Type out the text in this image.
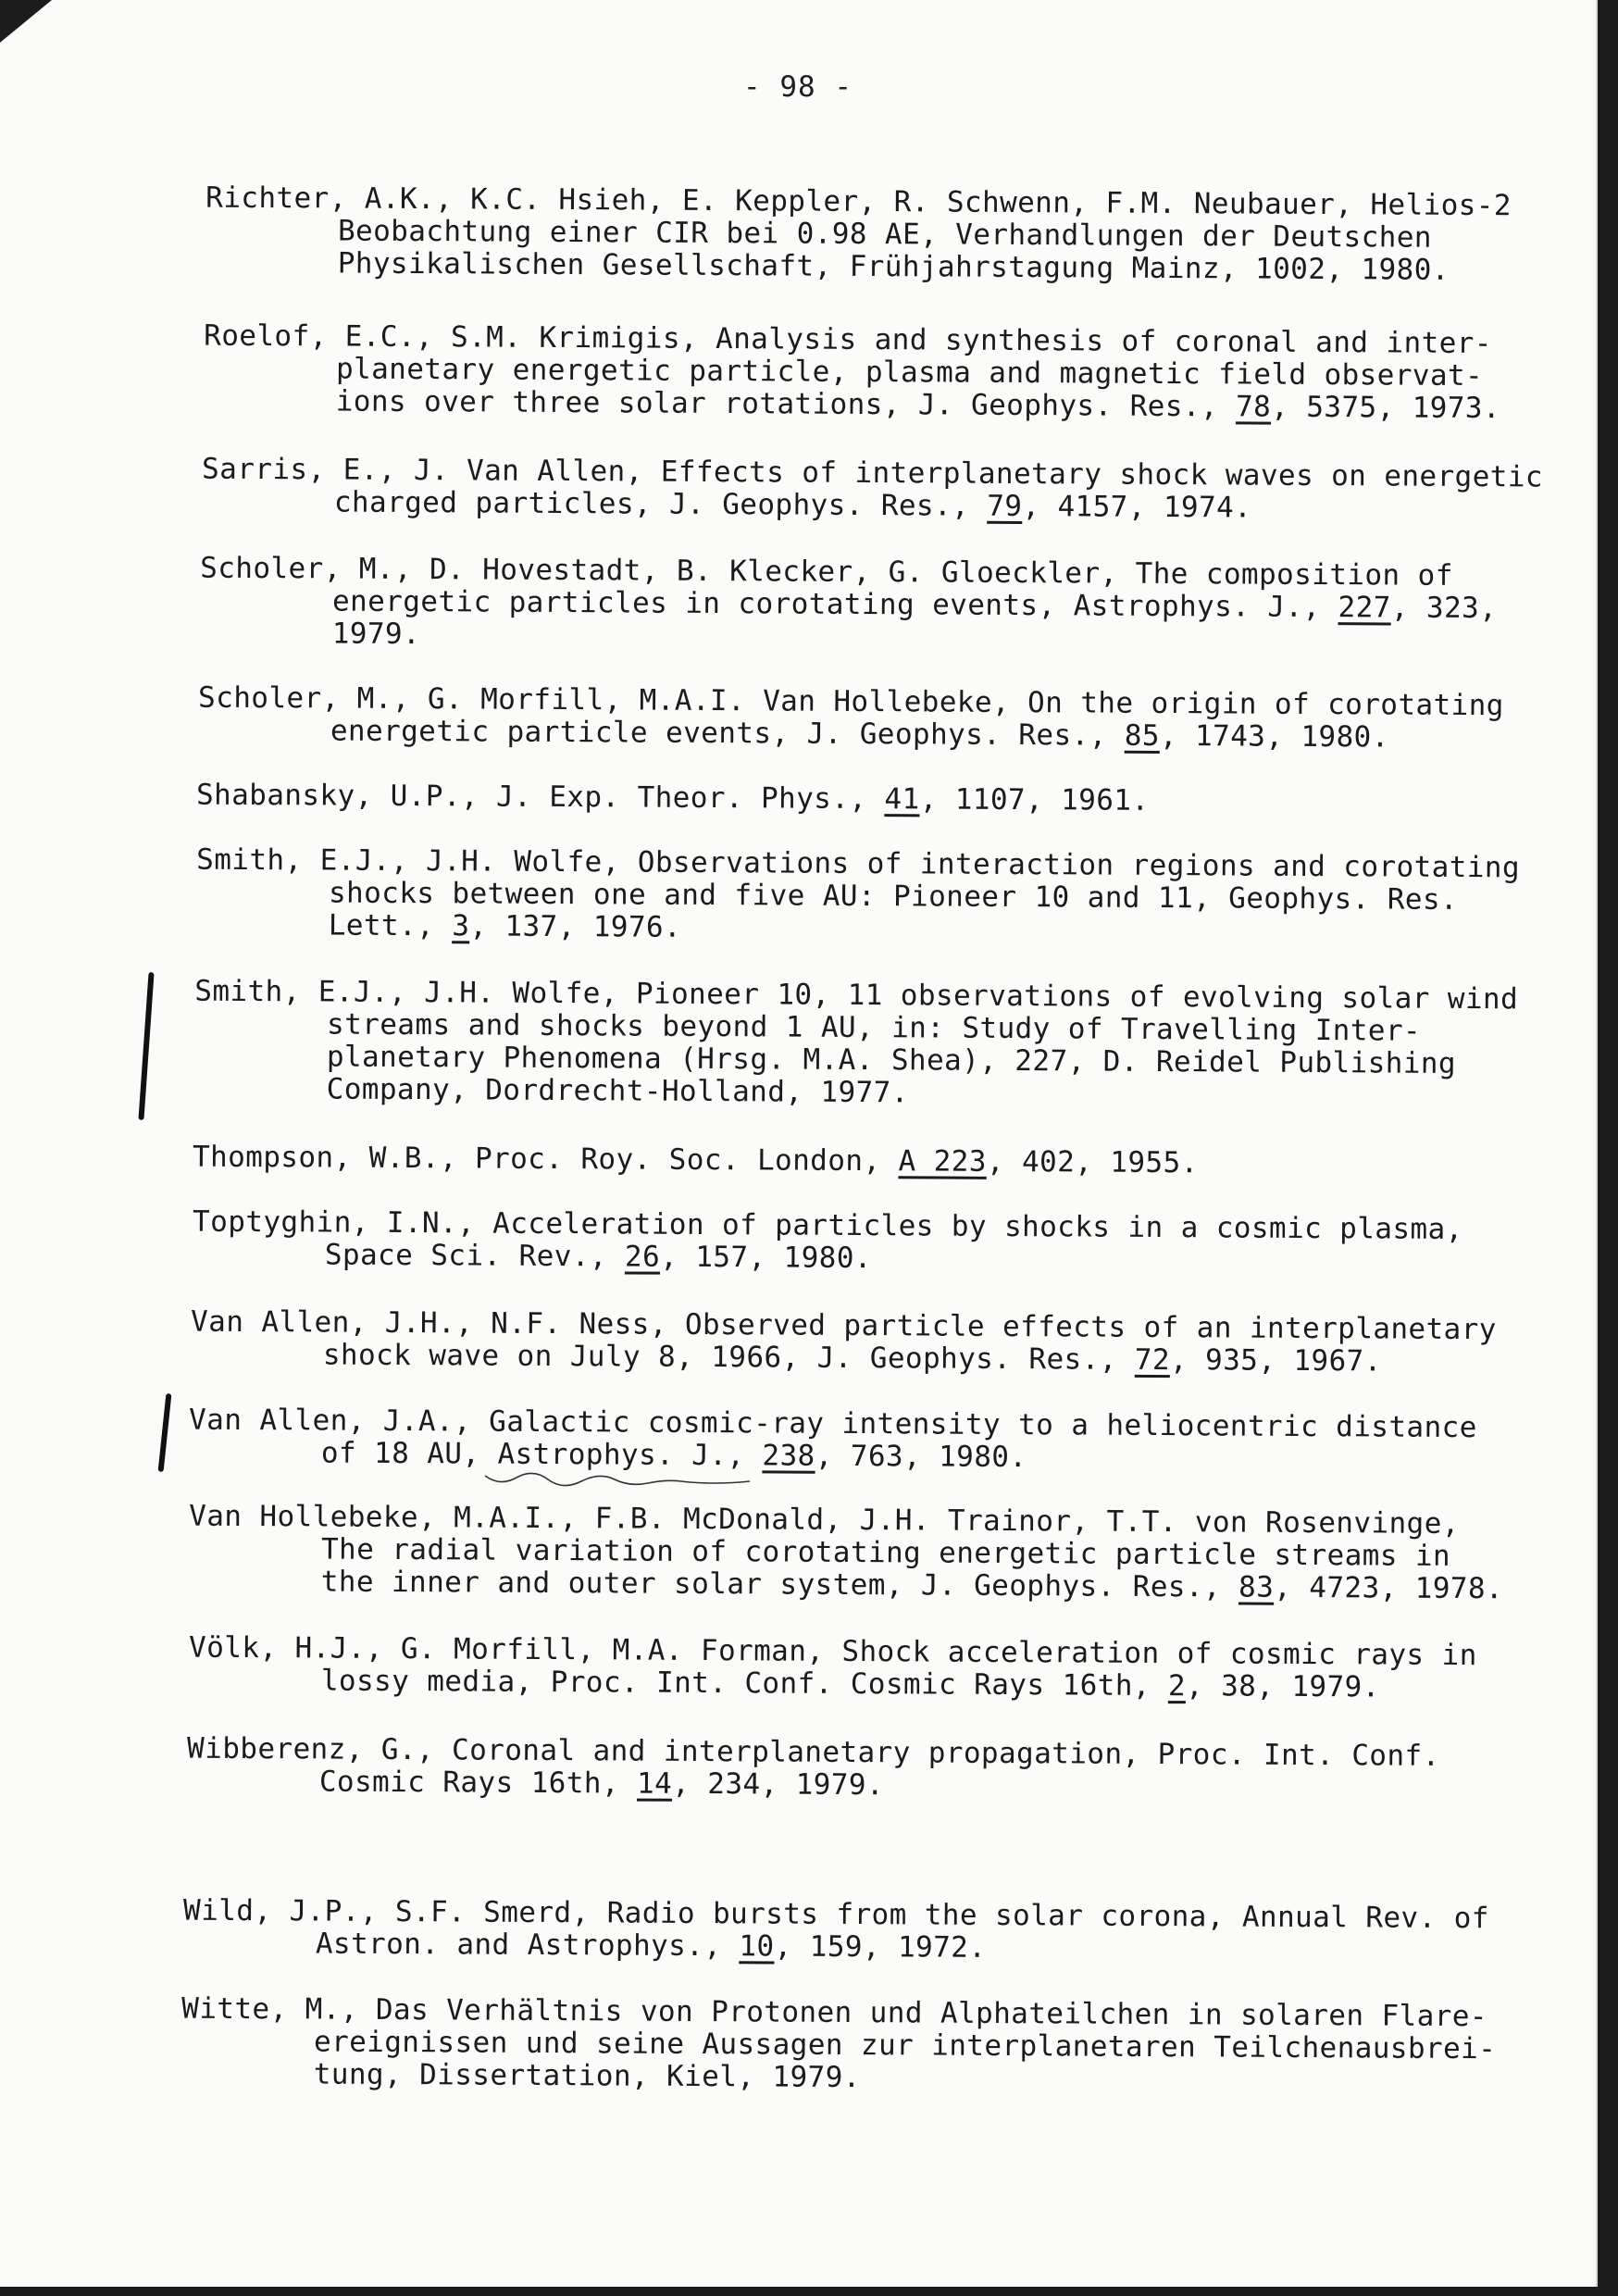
- 98 -
Richter, A.K., K.C. Hsieh, E. Keppler, R. Schwenn, F.M. Neubauer, Helios-2
Beobachtung einer CIR bei 0.98 AE, Verhandlungen der Deutschen
Physikalischen Gesellschaft, Frühjahrstagung Mainz, 1002, 1980.
Roelof, E.C., S.M. Krimigis, Analysis and synthesis of coronal and inter-
planetary energetic particle, plasma and magnetic field observat-
ions over three solar rotations, J. Geophys. Res., 78, 5375, 1973.
Sarris, E., J. Van Allen, Effects of interplanetary shock waves on energetic
charged particles, J. Geophys. Res., 79, 4157, 1974.
Scholer, M., D. Hovestadt, B. Klecker, G. Gloeckler, The composition of
energetic particles in corotating events, Astrophys. J., 227, 323,
1979.
Scholer, M., G. Morfill, M.A.I. Van Hollebeke, On the origin of corotating
energetic particle events, J. Geophys. Res., 85, 1743, 1980.
Shabansky, U.P., J. Exp. Theor. Phys., 41, 1107, 1961.
Smith, E.J., J.H. Wolfe, Observations of interaction regions and corotating
shocks between one and five AU: Pioneer 10 and 11, Geophys. Res.
Lett., 3, 137, 1976.
Smith, E.J., J.H. Wolfe, Pioneer 10, 11 observations of evolving solar wind
streams and shocks beyond 1 AU, in: Study of Travelling Inter-
planetary Phenomena (Hrsg. M.A. Shea), 227, D. Reidel Publishing
Company, Dordrecht-Holland, 1977.
Thompson, W.B., Proc. Roy. Soc. London, A 223, 402, 1955.
Toptyghin, I.N., Acceleration of particles by shocks in a cosmic plasma,
Space Sci. Rev., 26, 157, 1980.
Van Allen, J.H., N.F. Ness, Observed particle effects of an interplanetary
shock wave on July 8, 1966, J. Geophys. Res., 72, 935, 1967.
Van Allen, J.A., Galactic cosmic-ray intensity to a heliocentric distance
of 18 AU, Astrophys. J., 238, 763, 1980.
Van Hollebeke, M.A.I., F.B. McDonald, J.H. Trainor, T.T. von Rosenvinge,
The radial variation of corotating energetic particle streams in
the inner and outer solar system, J. Geophys. Res., 83, 4723, 1978.
Völk, H.J., G. Morfill, M.A. Forman, Shock acceleration of cosmic rays in
lossy media, Proc. Int. Conf. Cosmic Rays 16th, 2, 38, 1979.
Wibberenz, G., Coronal and interplanetary propagation, Proc. Int. Conf.
Cosmic Rays 16th, 14, 234, 1979.
Wild, J.P., S.F. Smerd, Radio bursts from the solar corona, Annual Rev. of
Astron. and Astrophys., 10, 159, 1972.
Witte, M., Das Verhältnis von Protonen und Alphateilchen in solaren Flare-
ereignissen und seine Aussagen zur interplanetaren Teilchenausbrei-
tung, Dissertation, Kiel, 1979.
